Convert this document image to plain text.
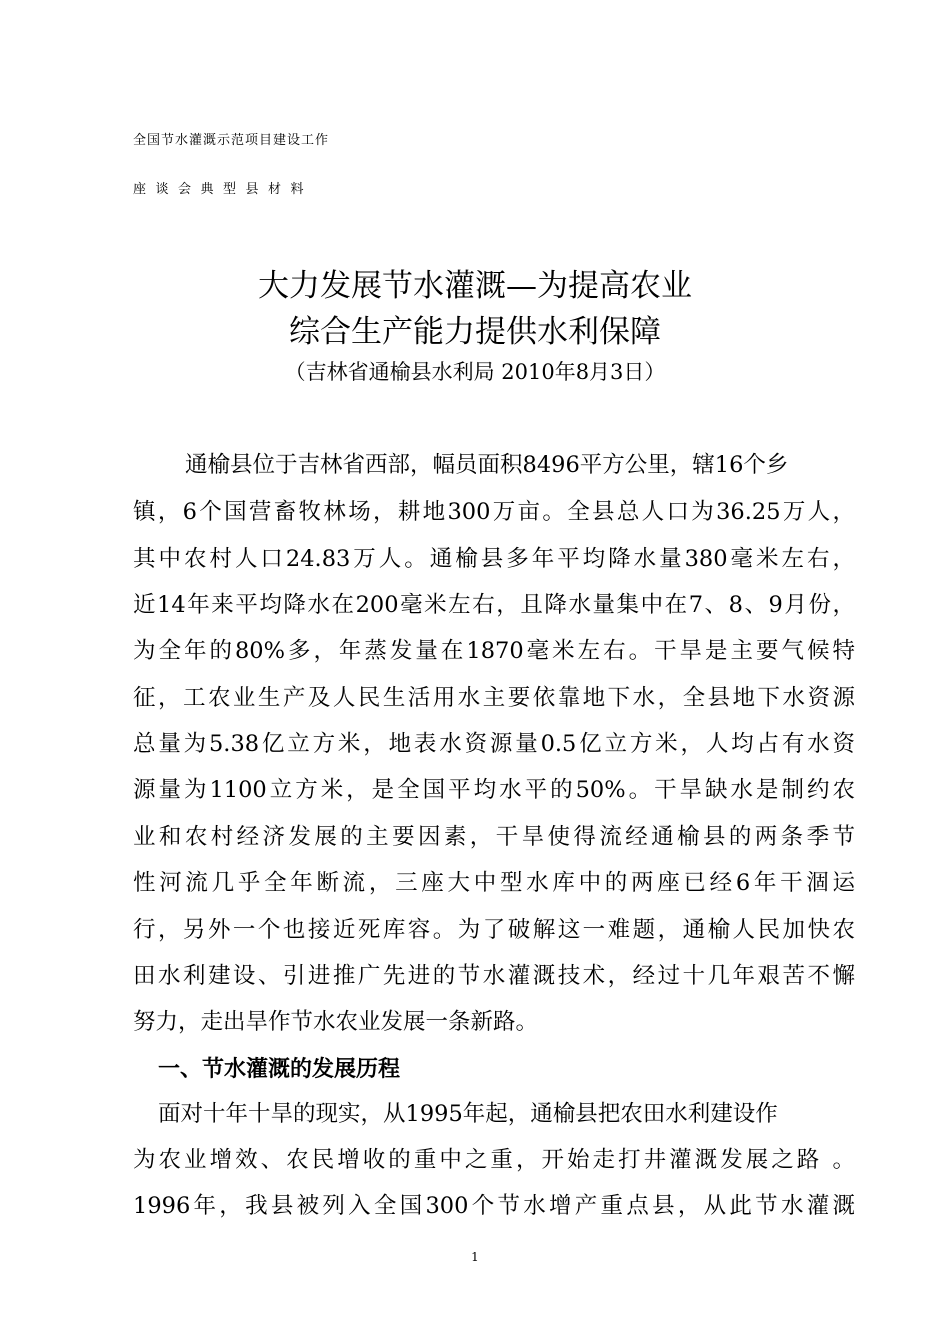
全国节水灌溉示范项目建设工作
座谈会典型县材料
大力发展节水灌溉—为提高农业
综合生产能力提供水利保障
（吉林省通榆县水利局 2010年8月3日）
通榆县位于吉林省西部，幅员面积8496平方公里，辖16个乡
镇，6个国营畜牧林场，耕地300万亩。全县总人口为36.25万人，
其中农村人口24.83万人。通榆县多年平均降水量380毫米左右，
近14年来平均降水在200毫米左右，且降水量集中在7、8、9月份，
为全年的80%多，年蒸发量在1870毫米左右。干旱是主要气候特
征，工农业生产及人民生活用水主要依靠地下水，全县地下水资源
总量为5.38亿立方米，地表水资源量0.5亿立方米，人均占有水资
源量为1100立方米，是全国平均水平的50%。干旱缺水是制约农
业和农村经济发展的主要因素，干旱使得流经通榆县的两条季节
性河流几乎全年断流，三座大中型水库中的两座已经6年干涸运
行，另外一个也接近死库容。为了破解这一难题，通榆人民加快农
田水利建设、引进推广先进的节水灌溉技术，经过十几年艰苦不懈
努力，走出旱作节水农业发展一条新路。
一、节水灌溉的发展历程
面对十年十旱的现实，从1995年起，通榆县把农田水利建设作
为农业增效、农民增收的重中之重，开始走打井灌溉发展之路 。
1996年，我县被列入全国300个节水增产重点县，从此节水灌溉
1
